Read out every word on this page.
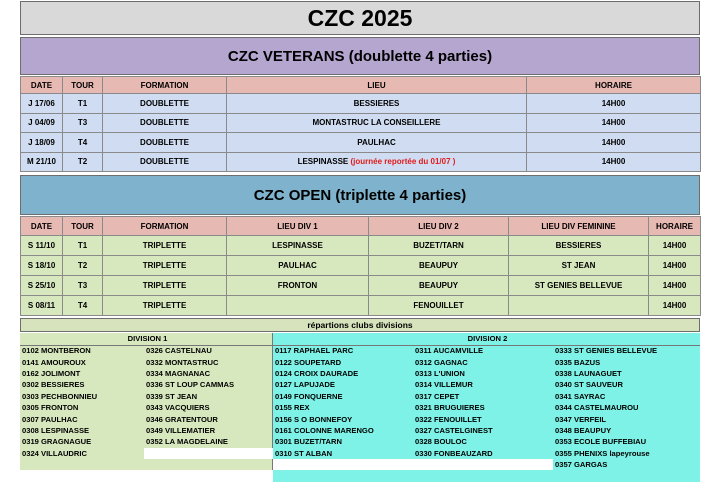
CZC 2025
CZC VETERANS (doublette 4 parties)
DATE	TOUR	FORMATION	LIEU	HORAIRE
J 17/06	T1	DOUBLETTE	BESSIERES	14H00
J 04/09	T3	DOUBLETTE	MONTASTRUC LA CONSEILLERE	14H00
J 18/09	T4	DOUBLETTE	PAULHAC	14H00
M 21/10	T2	DOUBLETTE	LESPINASSE (journée reportée du 01/07 )	14H00
CZC OPEN (triplette 4 parties)
DATE	TOUR	FORMATION	LIEU DIV 1	LIEU DIV 2	LIEU DIV FEMININE	HORAIRE
S 11/10	T1	TRIPLETTE	LESPINASSE	BUZET/TARN	BESSIERES	14H00
S 18/10	T2	TRIPLETTE	PAULHAC	BEAUPUY	ST JEAN	14H00
S 25/10	T3	TRIPLETTE	FRONTON	BEAUPUY	ST GENIES BELLEVUE	14H00
S 08/11	T4	TRIPLETTE		FENOUILLET		14H00
répartions clubs divisions
DIVISION 1	
0102 MONTBERON	0326 CASTELNAU
0141 AMOUROUX	0332 MONTASTRUC
0162 JOLIMONT	0334 MAGNANAC
0302 BESSIERES	0336 ST LOUP CAMMAS
0303 PECHBONNIEU	0339 ST JEAN
0305 FRONTON	0343 VACQUIERS
0307 PAULHAC	0346 GRATENTOUR
0308 LESPINASSE	0349 VILLEMATIER
0319 GRAGNAGUE	0352 LA MAGDELAINE
0324 VILLAUDRIC	
DIVISION 2		
0117 RAPHAEL PARC	0311 AUCAMVILLE	0333 ST GENIES BELLEVUE
0122 SOUPETARD	0312 GAGNAC	0335 BAZUS
0124 CROIX DAURADE	0313 L'UNION	0338 LAUNAGUET
0127 LAPUJADE	0314 VILLEMUR	0340 ST SAUVEUR
0149 FONQUERNE	0317 CEPET	0341 SAYRAC
0155 REX	0321 BRUGUIERES	0344 CASTELMAUROU
0156 S O BONNEFOY	0322 FENOUILLET	0347 VERFEIL
0161 COLONNE MARENGO	0327 CASTELGINEST	0348 BEAUPUY
0301 BUZET/TARN	0328 BOULOC	0353 ECOLE BUFFEBIAU
0310 ST ALBAN	0330 FONBEAUZARD	0355 PHENIXS lapeyrouse
		0357 GARGAS
